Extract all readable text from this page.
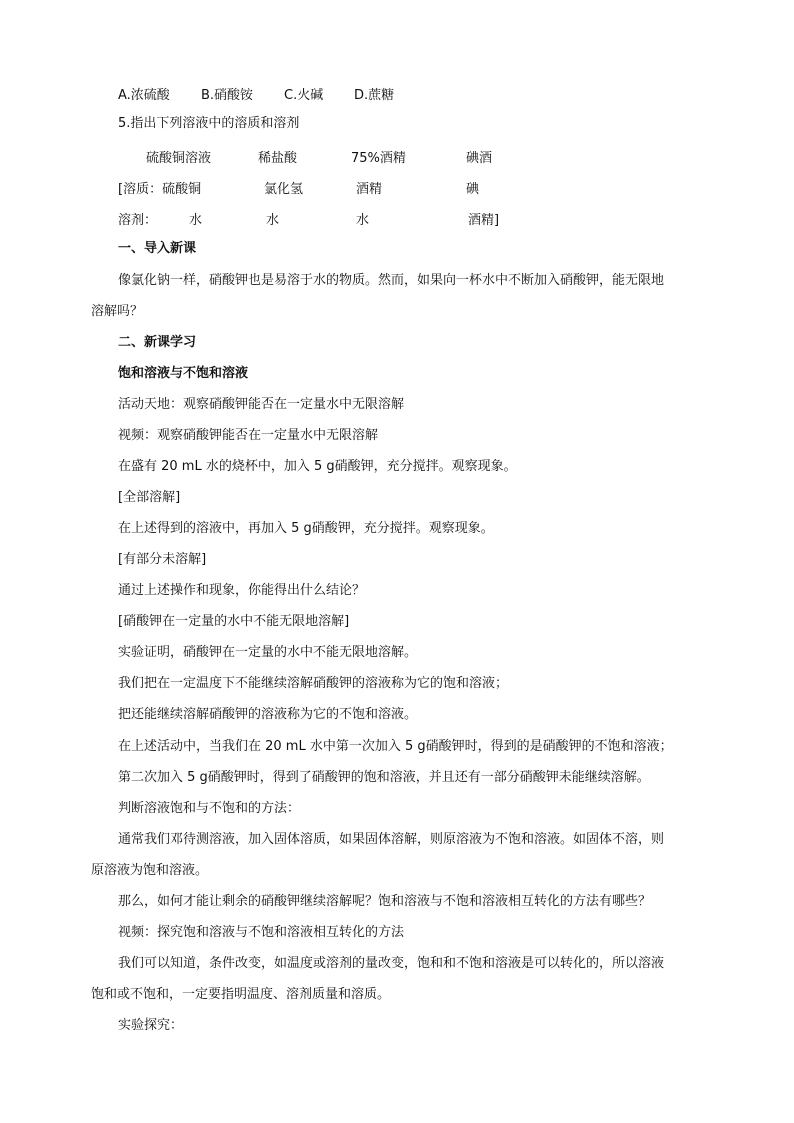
A.浓硫酸 B.硝酸铵 C.火碱 D.蔗糖
5.指出下列溶液中的溶质和溶剂
硫酸铜溶液	稀盐酸	75%酒精	碘酒
[溶质：硫酸铜	氯化氢	酒精	碘
溶剂： 水	水	水	酒精]
一、导入新课
像氯化钠一样，硝酸钾也是易溶于水的物质。然而，如果向一杯水中不断加入硝酸钾，能无限地
溶解吗？
二、新课学习
饱和溶液与不饱和溶液
活动天地：观察硝酸钾能否在一定量水中无限溶解
视频：观察硝酸钾能否在一定量水中无限溶解
在盛有 20 mL 水的烧杯中，加入 5 g硝酸钾，充分搅拌。观察现象。
[全部溶解]
在上述得到的溶液中，再加入 5 g硝酸钾，充分搅拌。观察现象。
[有部分未溶解]
通过上述操作和现象，你能得出什么结论？
[硝酸钾在一定量的水中不能无限地溶解]
实验证明，硝酸钾在一定量的水中不能无限地溶解。
我们把在一定温度下不能继续溶解硝酸钾的溶液称为它的饱和溶液；
把还能继续溶解硝酸钾的溶液称为它的不饱和溶液。
在上述活动中，当我们在 20 mL 水中第一次加入 5 g硝酸钾时，得到的是硝酸钾的不饱和溶液；
第二次加入 5 g硝酸钾时，得到了硝酸钾的饱和溶液，并且还有一部分硝酸钾未能继续溶解。
判断溶液饱和与不饱和的方法：
通常我们邓待测溶液，加入固体溶质，如果固体溶解，则原溶液为不饱和溶液。如固体不溶，则
原溶液为饱和溶液。
那么，如何才能让剩余的硝酸钾继续溶解呢？饱和溶液与不饱和溶液相互转化的方法有哪些？
视频：探究饱和溶液与不饱和溶液相互转化的方法
我们可以知道，条件改变，如温度或溶剂的量改变，饱和和不饱和溶液是可以转化的，所以溶液
饱和或不饱和，一定要指明温度、溶剂质量和溶质。
实验探究：
